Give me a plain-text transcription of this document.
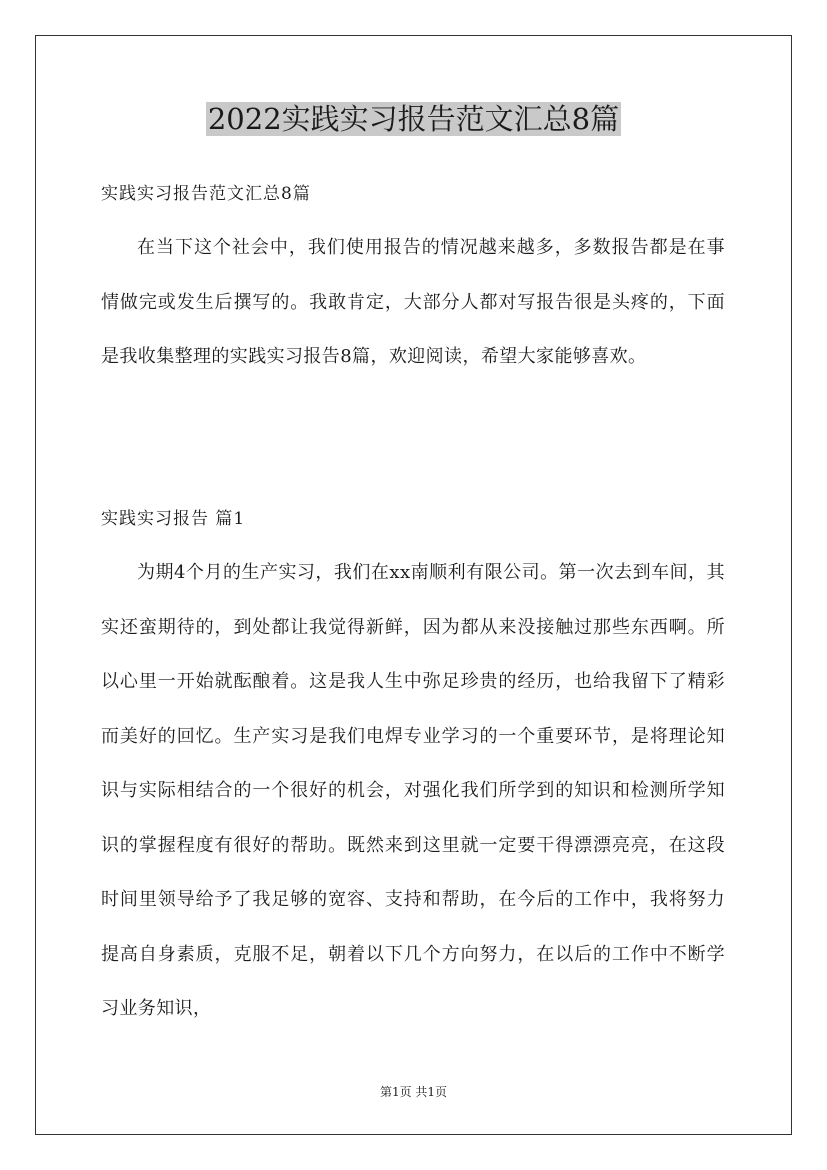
2022实践实习报告范文汇总8篇
实践实习报告范文汇总8篇

在当下这个社会中，我们使用报告的情况越来越多，多数报告都是在事情做完或发生后撰写的。我敢肯定，大部分人都对写报告很是头疼的，下面是我收集整理的实践实习报告8篇，欢迎阅读，希望大家能够喜欢。

实践实习报告 篇1

为期4个月的生产实习，我们在xx南顺利有限公司。第一次去到车间，其实还蛮期待的，到处都让我觉得新鲜，因为都从来没接触过那些东西啊。所以心里一开始就酝酿着。这是我人生中弥足珍贵的经历，也给我留下了精彩而美好的回忆。生产实习是我们电焊专业学习的一个重要环节，是将理论知识与实际相结合的一个很好的机会，对强化我们所学到的知识和检测所学知识的掌握程度有很好的帮助。既然来到这里就一定要干得漂漂亮亮，在这段时间里领导给予了我足够的宽容、支持和帮助，在今后的工作中，我将努力提高自身素质，克服不足，朝着以下几个方向努力，在以后的工作中不断学习业务知识，

第1页 共1页
